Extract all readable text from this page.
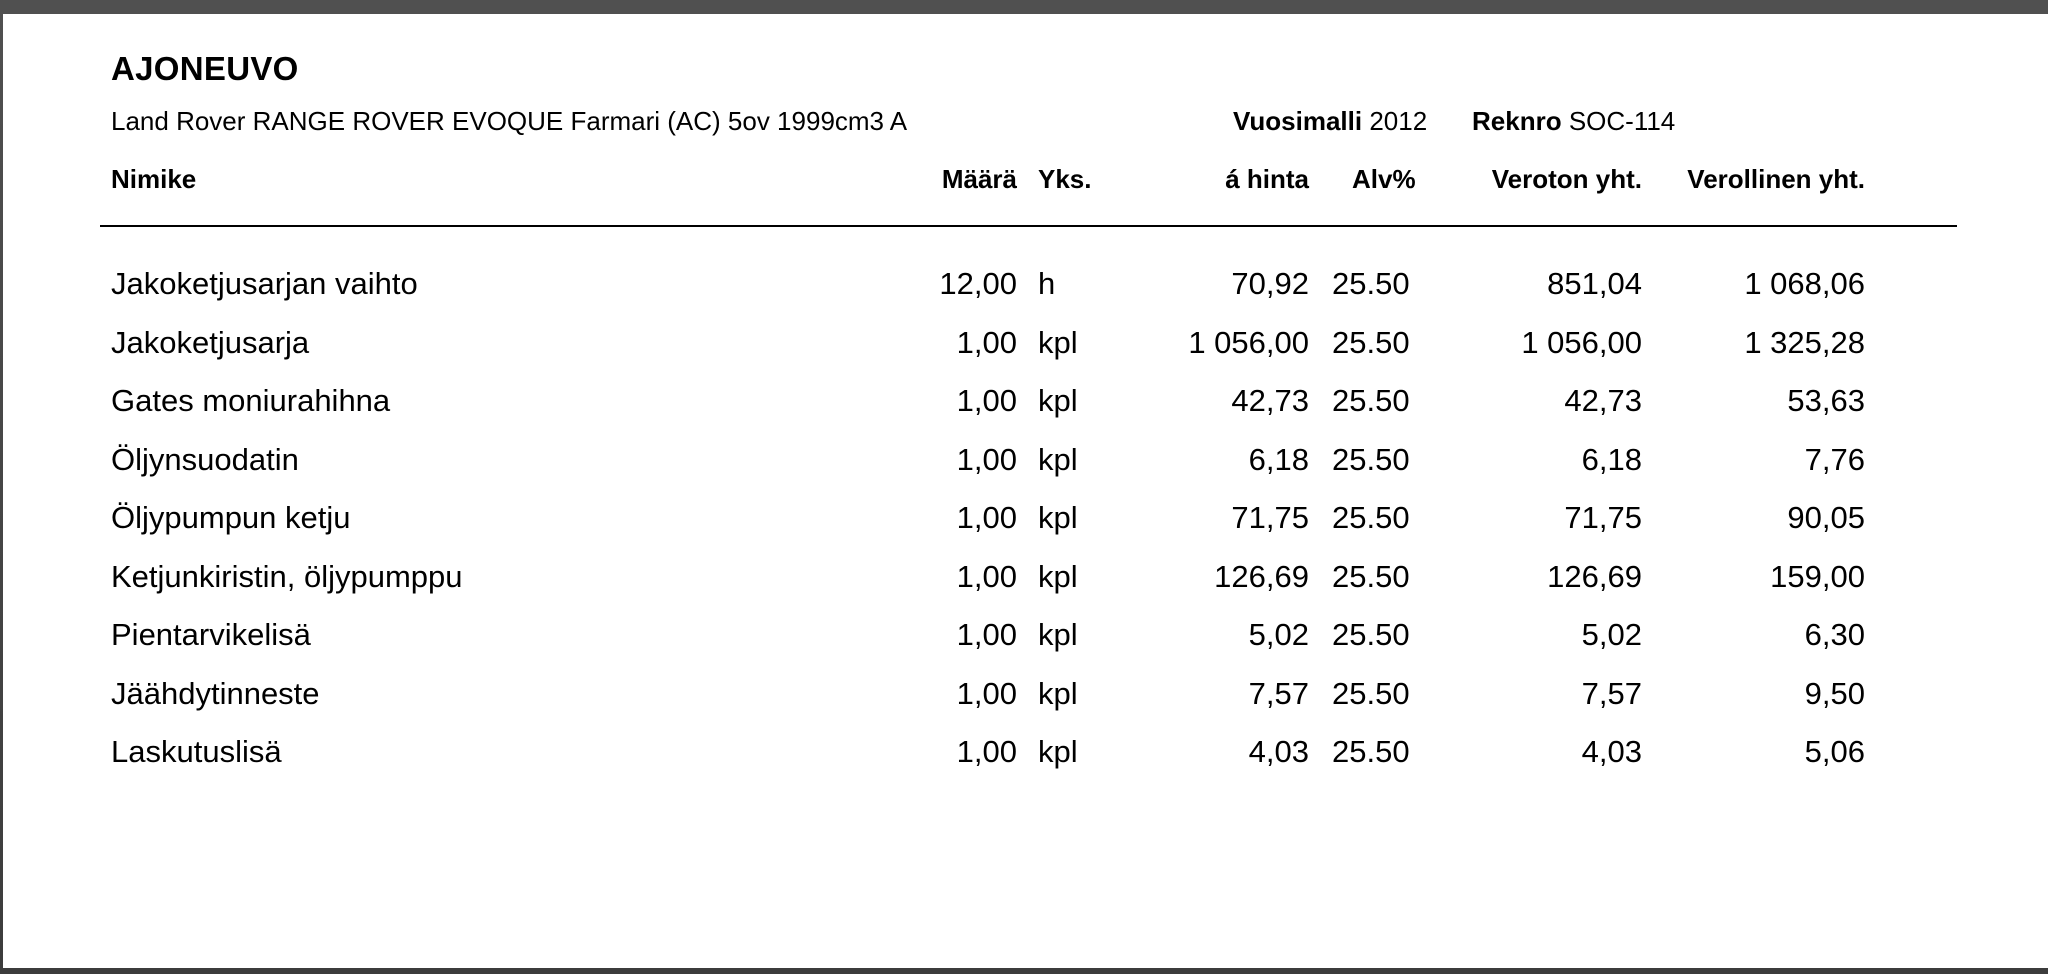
AJONEUVO
Land Rover RANGE ROVER EVOQUE Farmari (AC) 5ov 1999cm3 A	Vuosimalli 2012 Reknro SOC-114
Nimike	Määrä Yks.	á hinta Alv%	Veroton yht. Verollinen yht.
Jakoketjusarjan vaihto	12,00 h	70,92 25.50	851,04	1 068,06
Jakoketjusarja	1,00 kpl	1 056,00 25.50	1 056,00	1 325,28
Gates moniurahihna	1,00 kpl	42,73 25.50	42,73	53,63
Öljynsuodatin	1,00 kpl	6,18 25.50	6,18	7,76
Öljypumpun ketju	1,00 kpl	71,75 25.50	71,75	90,05
Ketjunkiristin, öljypumppu	1,00 kpl	126,69 25.50	126,69	159,00
Pientarvikelisä	1,00 kpl	5,02 25.50	5,02	6,30
Jäähdytinneste	1,00 kpl	7,57 25.50	7,57	9,50
Laskutuslisä	1,00 kpl	4,03 25.50	4,03	5,06
